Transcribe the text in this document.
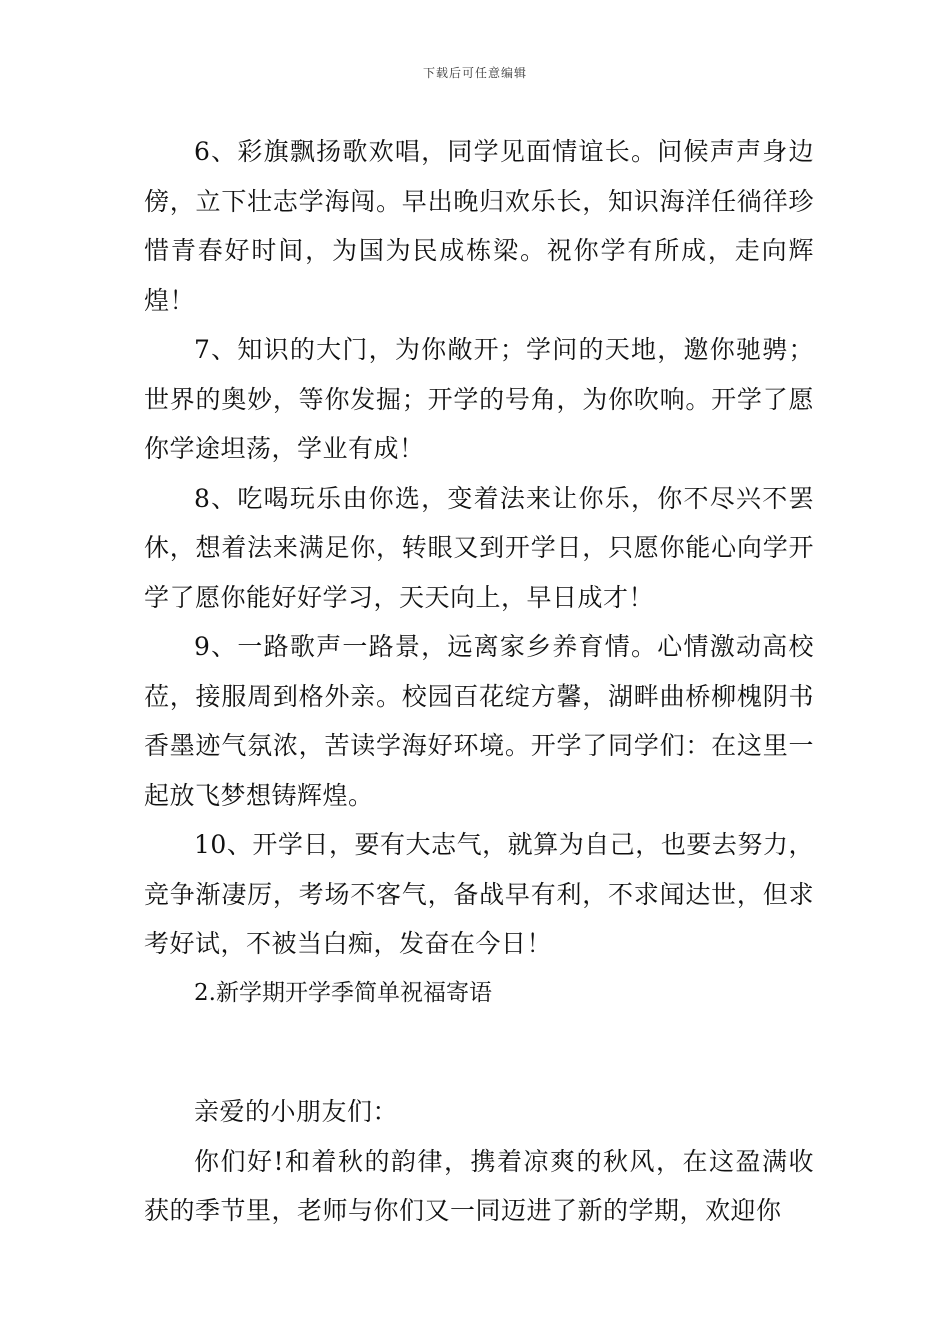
下载后可任意编辑

6、彩旗飘扬歌欢唱，同学见面情谊长。问候声声身边傍，立下壮志学海闯。早出晚归欢乐长，知识海洋任徜徉珍惜青春好时间，为国为民成栋梁。祝你学有所成，走向辉煌！

7、知识的大门，为你敞开；学问的天地，邀你驰骋；世界的奥妙，等你发掘；开学的号角，为你吹响。开学了愿你学途坦荡，学业有成！

8、吃喝玩乐由你选，变着法来让你乐，你不尽兴不罢休，想着法来满足你，转眼又到开学日，只愿你能心向学开学了愿你能好好学习，天天向上，早日成才！

9、一路歌声一路景，远离家乡养育情。心情激动高校莅，接服周到格外亲。校园百花绽方馨，湖畔曲桥柳槐阴书香墨迹气氛浓，苦读学海好环境。开学了同学们：在这里一起放飞梦想铸辉煌。

10、开学日，要有大志气，就算为自己，也要去努力，竞争渐凄厉，考场不客气，备战早有利，不求闻达世，但求考好试，不被当白痴，发奋在今日！

2.新学期开学季简单祝福寄语

亲爱的小朋友们：

你们好!和着秋的韵律，携着凉爽的秋风，在这盈满收获的季节里，老师与你们又一同迈进了新的学期，欢迎你
